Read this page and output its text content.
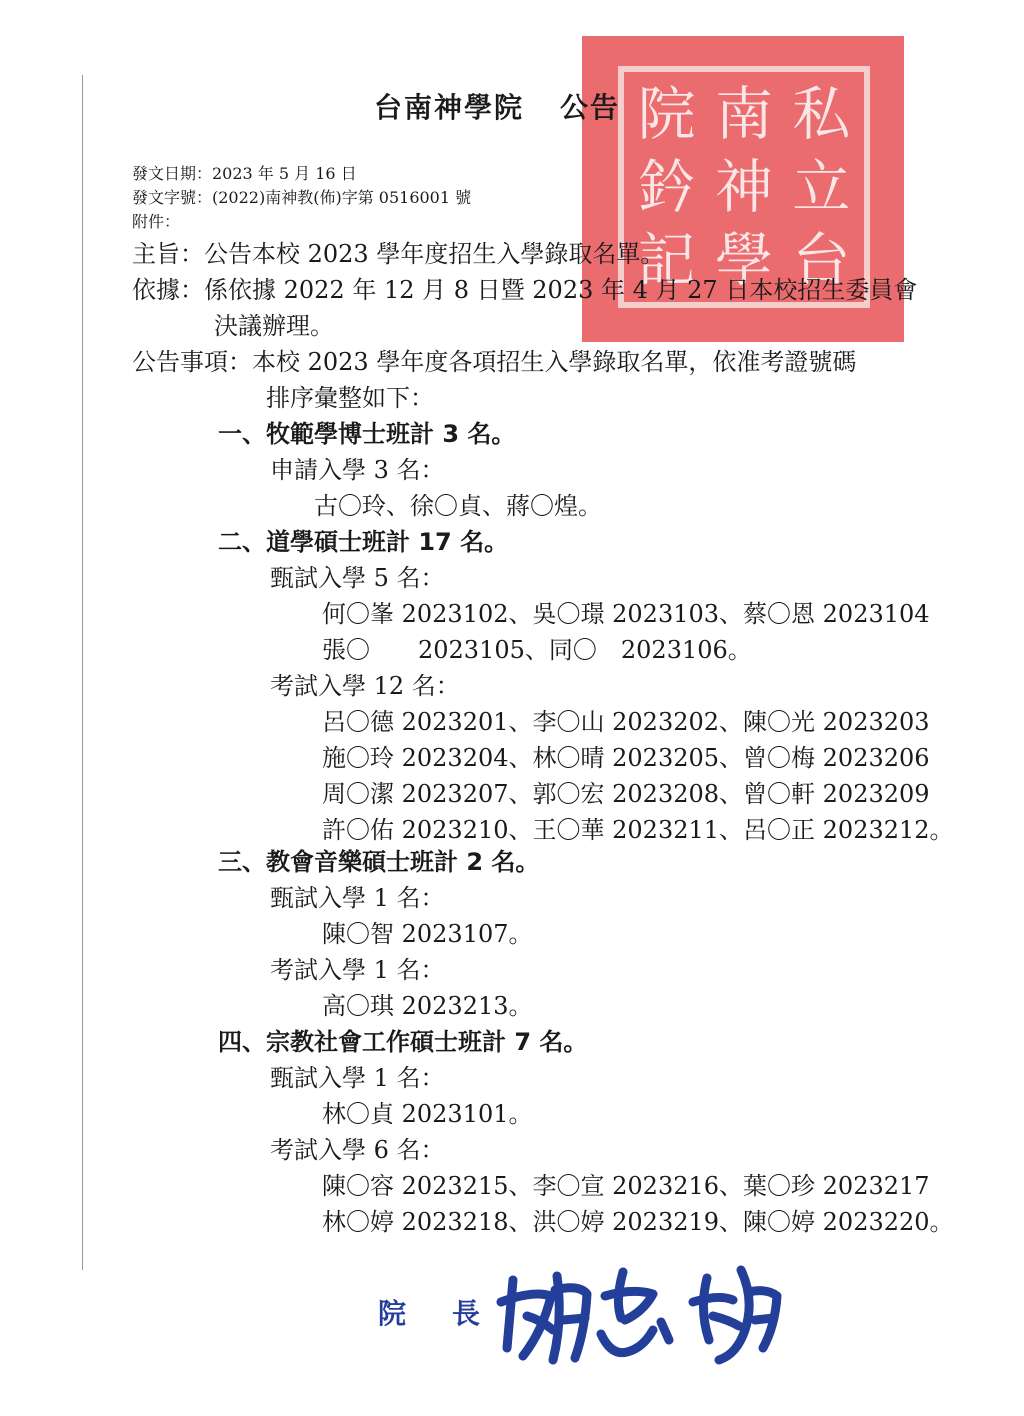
私
立
台
南
神
學
院
鈐
記
台南神學院 公告
發文日期：2023 年 5 月 16 日
發文字號：(2022)南神教(佈)字第 0516001 號
附件：
主旨：公告本校 2023 學年度招生入學錄取名單。
依據：係依據 2022 年 12 月 8 日暨 2023 年 4 月 27 日本校招生委員會
決議辦理。
公告事項：本校 2023 學年度各項招生入學錄取名單，依准考證號碼
排序彙整如下：
一、牧範學博士班計 3 名。
申請入學 3 名：
古〇玲、徐〇貞、蔣〇煌。
二、道學碩士班計 17 名。
甄試入學 5 名：
何〇峯 2023102、吳〇璟 2023103、蔡〇恩 2023104
張〇　　2023105、同〇　2023106。
考試入學 12 名：
呂〇德 2023201、李〇山 2023202、陳〇光 2023203
施〇玲 2023204、林〇晴 2023205、曾〇梅 2023206
周〇潔 2023207、郭〇宏 2023208、曾〇軒 2023209
許〇佑 2023210、王〇華 2023211、呂〇正 2023212。
三、教會音樂碩士班計 2 名。
甄試入學 1 名：
陳〇智 2023107。
考試入學 1 名：
高〇琪 2023213。
四、宗教社會工作碩士班計 7 名。
甄試入學 1 名：
林〇貞 2023101。
考試入學 6 名：
陳〇容 2023215、李〇宣 2023216、葉〇珍 2023217
林〇婷 2023218、洪〇婷 2023219、陳〇婷 2023220。
院 長
